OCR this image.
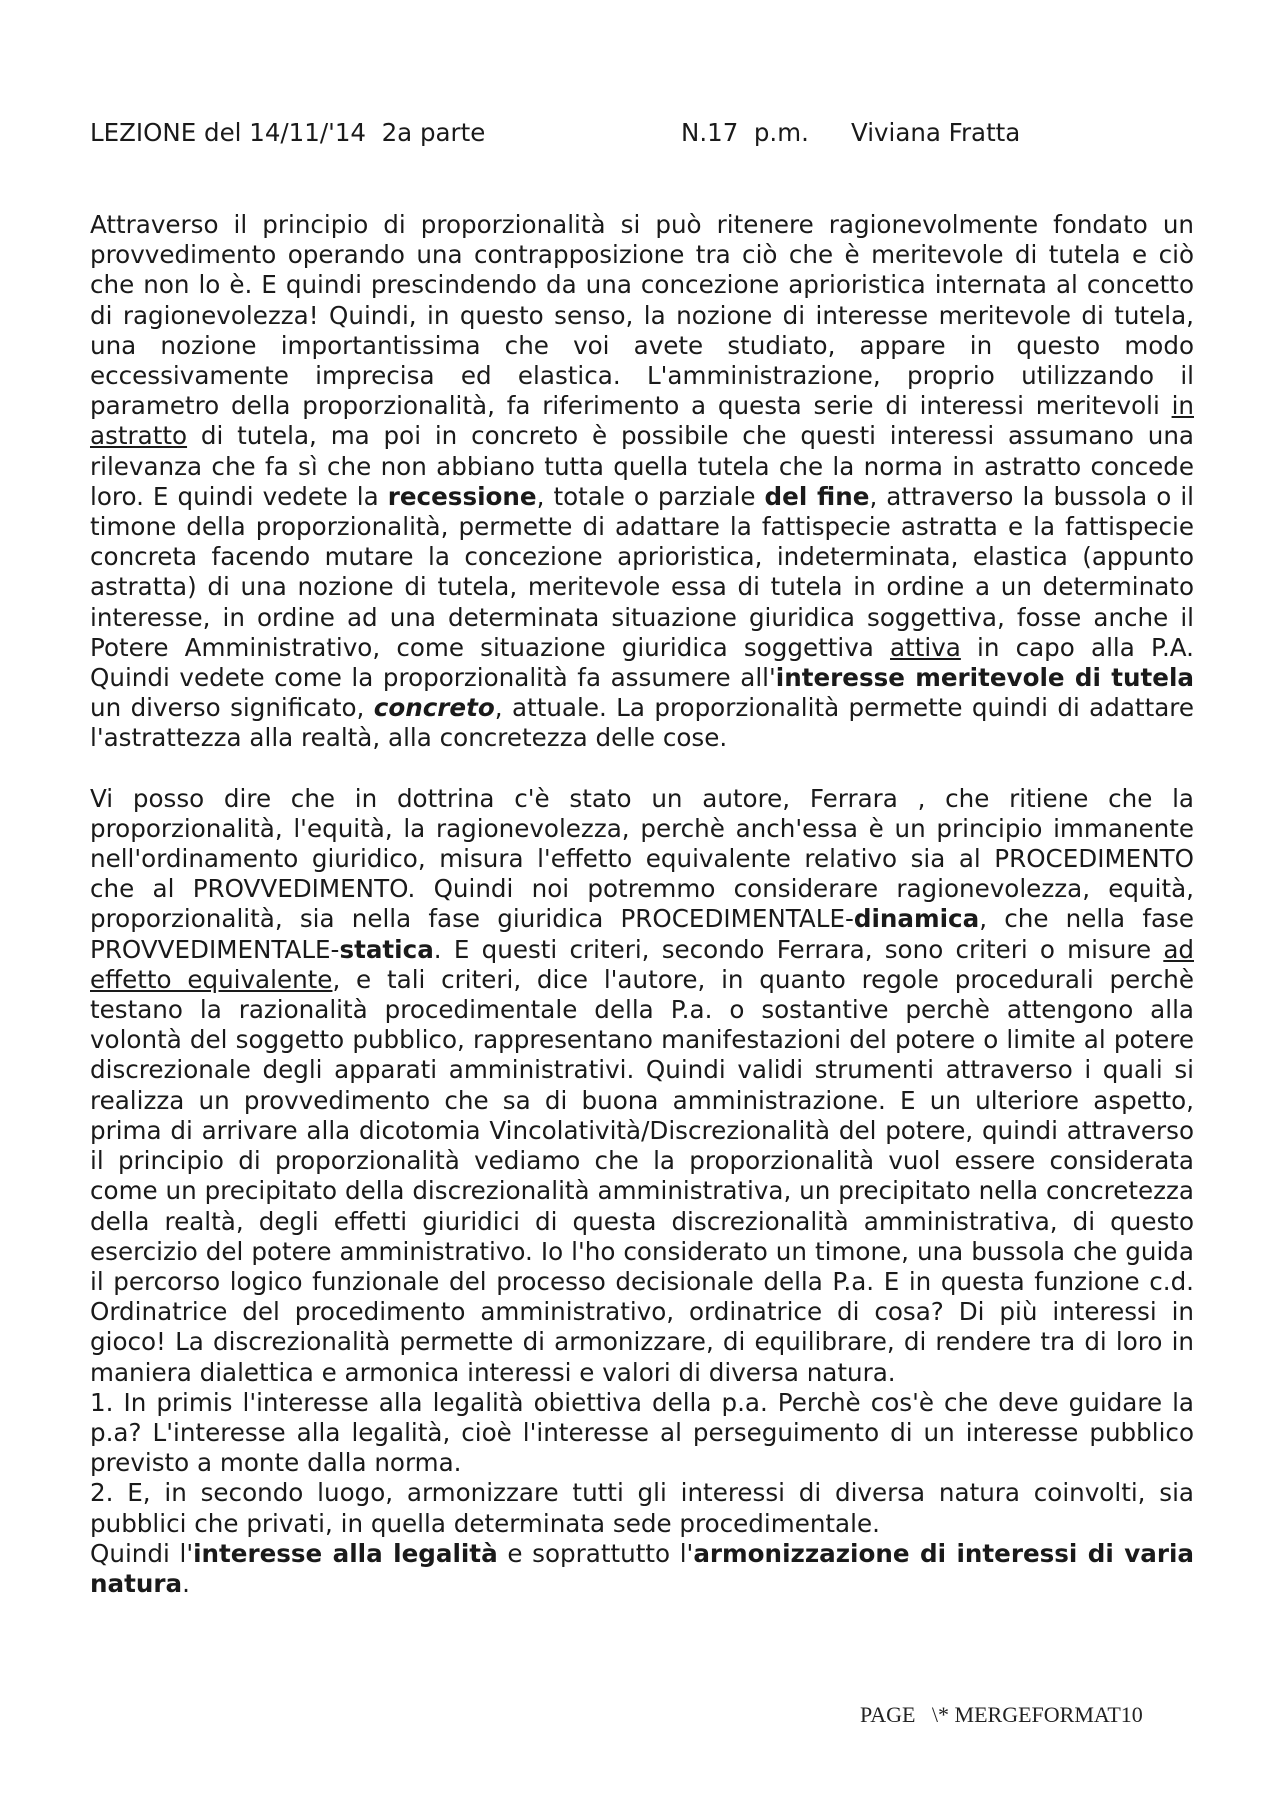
LEZIONE del 14/11/'14  2a parte

	N.17  p.m.

Viviana Fratta

Attraverso il principio di proporzionalità si può ritenere ragionevolmente fondato un provvedimento operando una contrapposizione tra ciò che è meritevole di tutela e ciò che non lo è. E quindi prescindendo da una concezione aprioristica internata al concetto di ragionevolezza! Quindi, in questo senso, la nozione di interesse meritevole di tutela, una nozione importantissima che voi avete studiato, appare in questo modo eccessivamente imprecisa ed elastica. L'amministrazione, proprio utilizzando il parametro della proporzionalità, fa riferimento a questa serie di interessi meritevoli in astratto di tutela, ma poi in concreto è possibile che questi interessi assumano una rilevanza che fa sì che non abbiano tutta quella tutela che la norma in astratto concede loro. E quindi vedete la recessione, totale o parziale del fine, attraverso la bussola o il timone della proporzionalità, permette di adattare la fattispecie astratta e la fattispecie concreta facendo mutare la concezione aprioristica, indeterminata, elastica (appunto astratta) di una nozione di tutela, meritevole essa di tutela in ordine a un determinato interesse, in ordine ad una determinata situazione giuridica soggettiva, fosse anche il Potere Amministrativo, come situazione giuridica soggettiva attiva in capo alla P.A. Quindi vedete come la proporzionalità fa assumere all'interesse meritevole di tutela un diverso significato, concreto, attuale. La proporzionalità permette quindi di adattare l'astrattezza alla realtà, alla concretezza delle cose.

Vi posso dire che in dottrina c'è stato un autore, Ferrara , che ritiene che la proporzionalità, l'equità, la ragionevolezza, perchè anch'essa è un principio immanente nell'ordinamento giuridico, misura l'effetto equivalente relativo sia al PROCEDIMENTO che al PROVVEDIMENTO. Quindi noi potremmo considerare ragionevolezza, equità, proporzionalità, sia nella fase giuridica PROCEDIMENTALE-dinamica, che nella fase PROVVEDIMENTALE-statica. E questi criteri, secondo Ferrara, sono criteri o misure ad effetto equivalente, e tali criteri, dice l'autore, in quanto regole procedurali perchè testano la razionalità procedimentale della P.a. o sostantive perchè attengono alla volontà del soggetto pubblico, rappresentano manifestazioni del potere o limite al potere discrezionale degli apparati amministrativi. Quindi validi strumenti attraverso i quali si realizza un provvedimento che sa di buona amministrazione. E un ulteriore aspetto, prima di arrivare alla dicotomia Vincolatività/Discrezionalità del potere, quindi attraverso il principio di proporzionalità vediamo che la proporzionalità vuol essere considerata come un precipitato della discrezionalità amministrativa, un precipitato nella concretezza della realtà, degli effetti giuridici di questa discrezionalità amministrativa, di questo esercizio del potere amministrativo. Io l'ho considerato un timone, una bussola che guida il percorso logico funzionale del processo decisionale della P.a. E in questa funzione c.d. Ordinatrice del procedimento amministrativo, ordinatrice di cosa? Di più interessi in gioco! La discrezionalità permette di armonizzare, di equilibrare, di rendere tra di loro in maniera dialettica e armonica interessi e valori di diversa natura.
1. In primis l'interesse alla legalità obiettiva della p.a. Perchè cos'è che deve guidare la p.a? L'interesse alla legalità, cioè l'interesse al perseguimento di un interesse pubblico previsto a monte dalla norma.
2. E, in secondo luogo, armonizzare tutti gli interessi di diversa natura coinvolti, sia pubblici che privati, in quella determinata sede procedimentale.
Quindi l'interesse alla legalità e soprattutto l'armonizzazione di interessi di varia natura.

PAGE   \* MERGEFORMAT10
